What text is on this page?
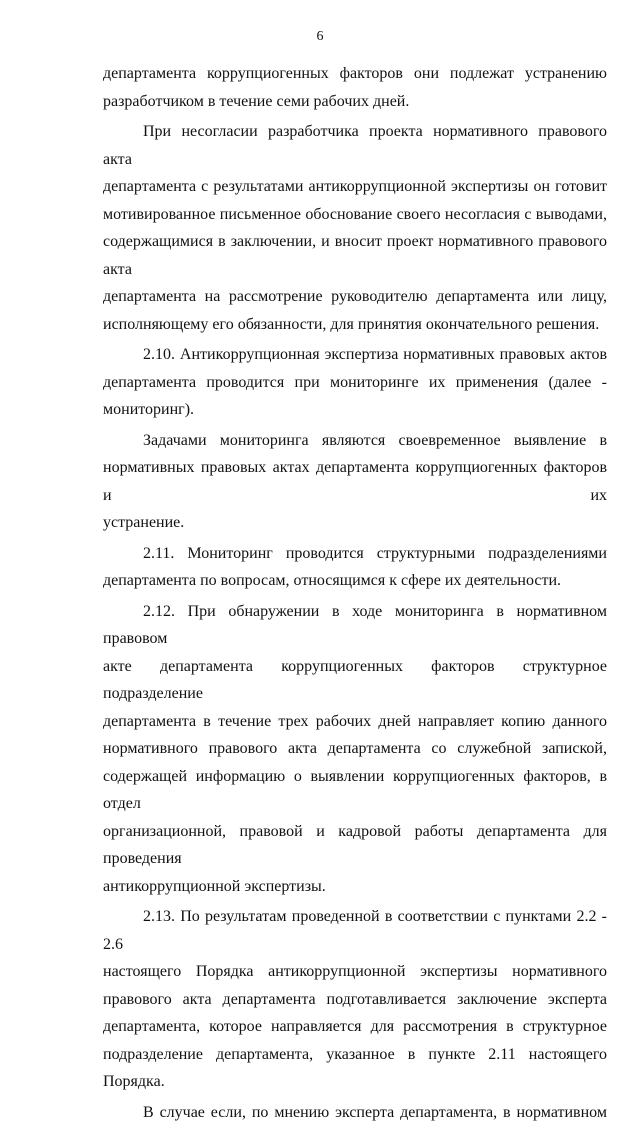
6

департамента коррупциогенных факторов они подлежат устранению
разработчиком в течение семи рабочих дней.

При несогласии разработчика проекта нормативного правового акта
департамента с результатами антикоррупционной экспертизы он готовит
мотивированное письменное обоснование своего несогласия с выводами,
содержащимися в заключении, и вносит проект нормативного правового акта
департамента на рассмотрение руководителю департамента или лицу,
исполняющему его обязанности, для принятия окончательного решения.

2.10. Антикоррупционная экспертиза нормативных правовых актов
департамента проводится при мониторинге их применения (далее -
мониторинг).

Задачами мониторинга являются своевременное выявление в
нормативных правовых актах департамента коррупциогенных факторов и их
устранение.

2.11. Мониторинг проводится структурными подразделениями
департамента по вопросам, относящимся к сфере их деятельности.

2.12. При обнаружении в ходе мониторинга в нормативном правовом
акте департамента коррупциогенных факторов структурное подразделение
департамента в течение трех рабочих дней направляет копию данного
нормативного правового акта департамента со служебной запиской,
содержащей информацию о выявлении коррупциогенных факторов, в отдел
организационной, правовой и кадровой работы департамента для проведения
антикоррупционной экспертизы.

2.13. По результатам проведенной в соответствии с пунктами 2.2 - 2.6
настоящего Порядка антикоррупционной экспертизы нормативного
правового акта департамента подготавливается заключение эксперта
департамента, которое направляется для рассмотрения в структурное
подразделение департамента, указанное в пункте 2.11 настоящего Порядка.

В случае если, по мнению эксперта департамента, в нормативном
